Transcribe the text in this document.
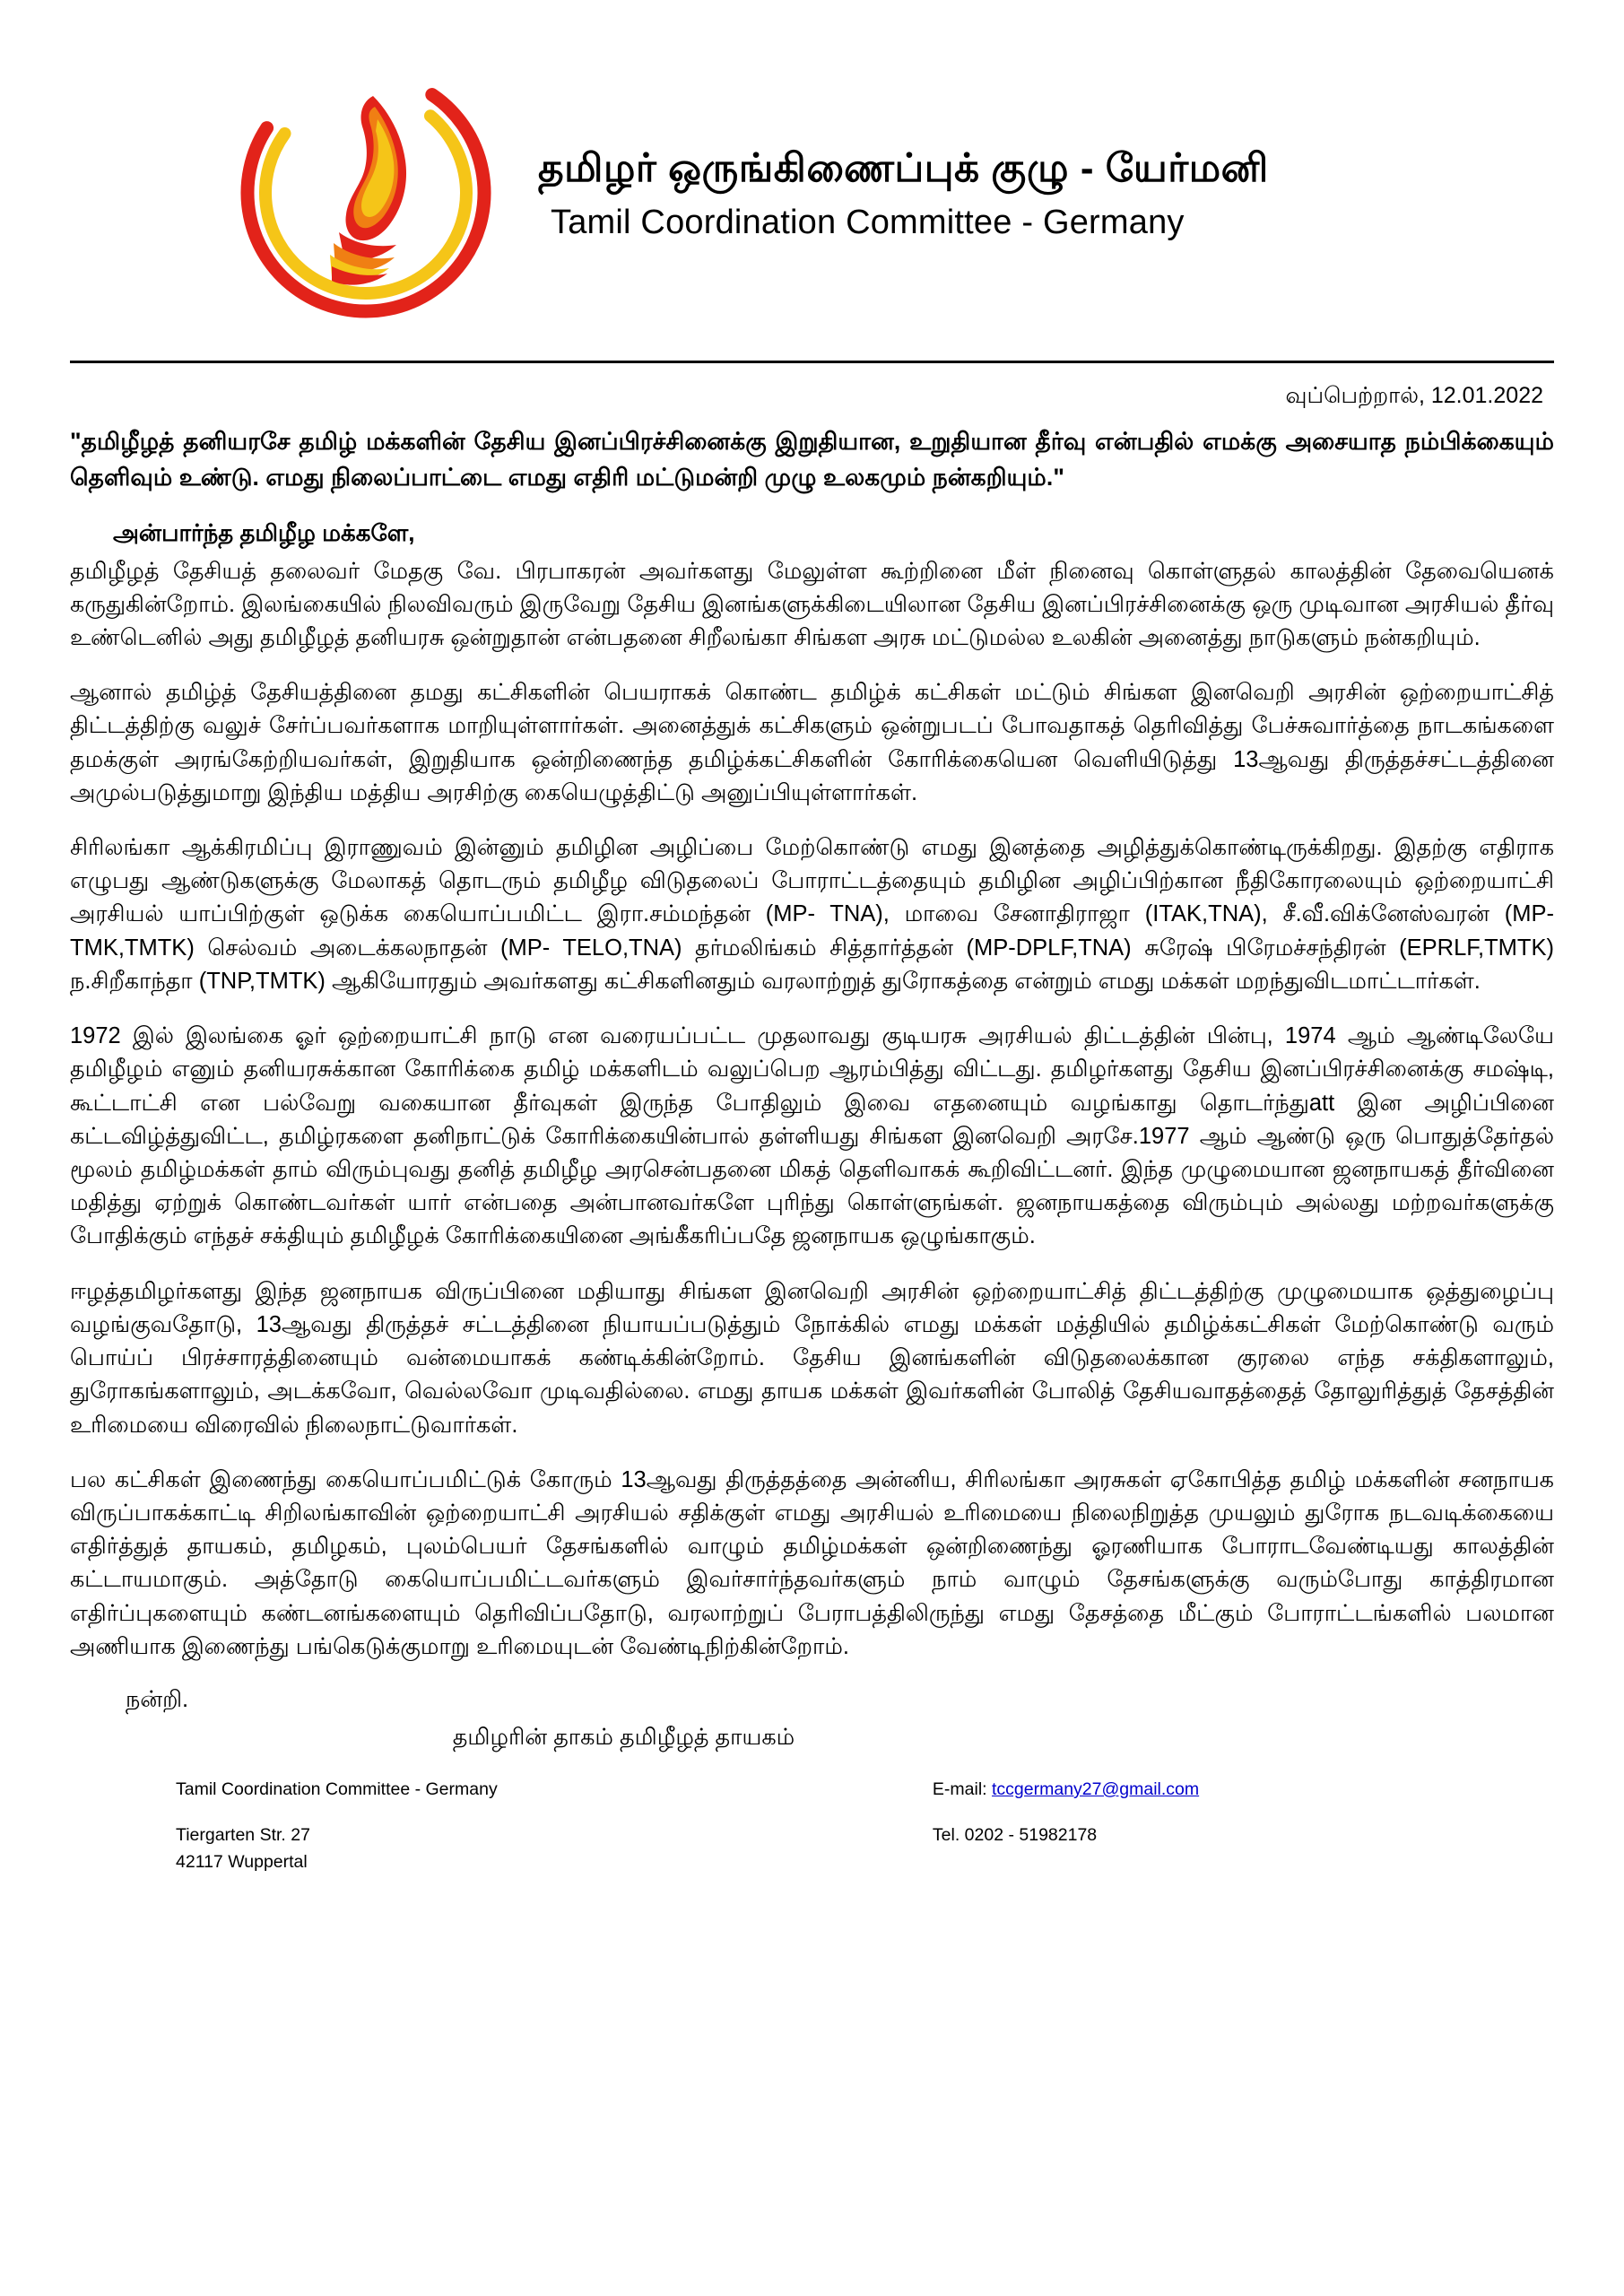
தமிழர் ஒருங்கிணைப்புக் குழு - யேர்மனி
Tamil Coordination Committee - Germany
வுப்பெற்றால், 12.01.2022
"தமிழீழத் தனியரசே தமிழ் மக்களின் தேசிய இனப்பிரச்சினைக்கு இறுதியான, உறுதியான தீர்வு என்பதில் எமக்கு அசையாத நம்பிக்கையும் தெளிவும் உண்டு. எமது நிலைப்பாட்டை எமது எதிரி மட்டுமன்றி முழு உலகமும் நன்கறியும்."
அன்பார்ந்த தமிழீழ மக்களே,

தமிழீழத் தேசியத் தலைவர் மேதகு வே. பிரபாகரன் அவர்களது மேலுள்ள கூற்றினை மீள் நினைவு கொள்ளுதல் காலத்தின் தேவையெனக் கருதுகின்றோம். இலங்கையில் நிலவிவரும் இருவேறு தேசிய இனங்களுக்கிடையிலான தேசிய இனப்பிரச்சினைக்கு ஒரு முடிவான அரசியல் தீர்வு உண்டெனில் அது தமிழீழத் தனியரசு ஒன்றுதான் என்பதனை சிறீலங்கா சிங்கள அரசு மட்டுமல்ல உலகின் அனைத்து நாடுகளும் நன்கறியும்.

ஆனால் தமிழ்த் தேசியத்தினை தமது கட்சிகளின் பெயராகக் கொண்ட தமிழ்க் கட்சிகள் மட்டும் சிங்கள இனவெறி அரசின் ஒற்றையாட்சித் திட்டத்திற்கு வலுச் சேர்ப்பவர்களாக மாறியுள்ளார்கள். அனைத்துக் கட்சிகளும் ஒன்றுபடப் போவதாகத் தெரிவித்து பேச்சுவார்த்தை நாடகங்களை தமக்குள் அரங்கேற்றியவர்கள், இறுதியாக ஒன்றிணைந்த தமிழ்க்கட்சிகளின் கோரிக்கையென வெளியிடுத்து 13ஆவது திருத்தச்சட்டத்தினை அமுல்படுத்துமாறு இந்திய மத்திய அரசிற்கு கையெழுத்திட்டு அனுப்பியுள்ளார்கள்.

சிரிலங்கா ஆக்கிரமிப்பு இராணுவம் இன்னும் தமிழின அழிப்பை மேற்கொண்டு எமது இனத்தை அழித்துக்கொண்டிருக்கிறது. இதற்கு எதிராக எழுபது ஆண்டுகளுக்கு மேலாகத் தொடரும் தமிழீழ விடுதலைப் போராட்டத்தையும் தமிழின அழிப்பிற்கான நீதிகோரலையும் ஒற்றையாட்சி அரசியல் யாப்பிற்குள் ஒடுக்க கையொப்பமிட்ட இரா.சம்மந்தன் (MP- TNA), மாவை சேனாதிராஜா (ITAK,TNA), சீ.வீ.விக்னேஸ்வரன் (MP-TMK,TMTK) செல்வம் அடைக்கலநாதன் (MP- TELO,TNA) தர்மலிங்கம் சித்தார்த்தன் (MP-DPLF,TNA) சுரேஷ் பிரேமச்சந்திரன் (EPRLF,TMTK) ந.சிறீகாந்தா (TNP,TMTK) ஆகியோரதும் அவர்களது கட்சிகளினதும் வரலாற்றுத் துரோகத்தை என்றும் எமது மக்கள் மறந்துவிடமாட்டார்கள்.

1972 இல் இலங்கை ஓர் ஒற்றையாட்சி நாடு என வரையப்பட்ட முதலாவது குடியரசு அரசியல் திட்டத்தின் பின்பு, 1974 ஆம் ஆண்டிலேயே தமிழீழம் எனும் தனியரசுக்கான கோரிக்கை தமிழ் மக்களிடம் வலுப்பெற ஆரம்பித்து விட்டது. தமிழர்களது தேசிய இனப்பிரச்சினைக்கு சமஷ்டி, கூட்டாட்சி என பல்வேறு வகையான தீர்வுகள் இருந்த போதிலும் இவை எதனையும் வழங்காது தொடர்ந்துatt இன அழிப்பினை கட்டவிழ்த்துவிட்ட, தமிழ்ரகளை தனிநாட்டுக் கோரிக்கையின்பால் தள்ளியது சிங்கள இனவெறி அரசே.1977 ஆம் ஆண்டு ஒரு பொதுத்தேர்தல் மூலம் தமிழ்மக்கள் தாம் விரும்புவது தனித் தமிழீழ அரசென்பதனை மிகத் தெளிவாகக் கூறிவிட்டனர். இந்த முழுமையான ஜனநாயகத் தீர்வினை மதித்து ஏற்றுக் கொண்டவர்கள் யார் என்பதை அன்பானவர்களே புரிந்து கொள்ளுங்கள். ஜனநாயகத்தை விரும்பும் அல்லது மற்றவர்களுக்கு போதிக்கும் எந்தச் சக்தியும் தமிழீழக் கோரிக்கையினை அங்கீகரிப்பதே ஜனநாயக ஒழுங்காகும்.

ஈழத்தமிழர்களது இந்த ஜனநாயக விருப்பினை மதியாது சிங்கள இனவெறி அரசின் ஒற்றையாட்சித் திட்டத்திற்கு முழுமையாக ஒத்துழைப்பு வழங்குவதோடு, 13ஆவது திருத்தச் சட்டத்தினை நியாயப்படுத்தும் நோக்கில் எமது மக்கள் மத்தியில் தமிழ்க்கட்சிகள் மேற்கொண்டு வரும் பொய்ப் பிரச்சாரத்தினையும் வன்மையாகக் கண்டிக்கின்றோம். தேசிய இனங்களின் விடுதலைக்கான குரலை எந்த சக்திகளாலும், துரோகங்களாலும், அடக்கவோ, வெல்லவோ முடிவதில்லை. எமது தாயக மக்கள் இவர்களின் போலித் தேசியவாதத்தைத் தோலுரித்துத் தேசத்தின் உரிமையை விரைவில் நிலைநாட்டுவார்கள்.

பல கட்சிகள் இணைந்து கையொப்பமிட்டுக் கோரும் 13ஆவது திருத்தத்தை அன்னிய, சிரிலங்கா அரசுகள் ஏகோபித்த தமிழ் மக்களின் சனநாயக விருப்பாகக்காட்டி சிறிலங்காவின் ஒற்றையாட்சி அரசியல் சதிக்குள் எமது அரசியல் உரிமையை நிலைநிறுத்த முயலும் துரோக நடவடிக்கையை எதிர்த்துத் தாயகம், தமிழகம், புலம்பெயர் தேசங்களில் வாழும் தமிழ்மக்கள் ஒன்றிணைந்து ஓரணியாக போராடவேண்டியது காலத்தின் கட்டாயமாகும். அத்தோடு கையொப்பமிட்டவர்களும் இவர்சார்ந்தவர்களும் நாம் வாழும் தேசங்களுக்கு வரும்போது காத்திரமான எதிர்ப்புகளையும் கண்டனங்களையும் தெரிவிப்பதோடு, வரலாற்றுப் பேராபத்திலிருந்து எமது தேசத்தை மீட்கும் போராட்டங்களில் பலமான அணியாக இணைந்து பங்கெடுக்குமாறு உரிமையுடன் வேண்டிநிற்கின்றோம்.

நன்றி.
தமிழரின் தாகம் தமிழீழத் தாயகம்
Tamil Coordination Committee - Germany
Tiergarten Str. 27
42117 Wuppertal
E-mail: tccgermany27@gmail.com
Tel. 0202 - 51982178
